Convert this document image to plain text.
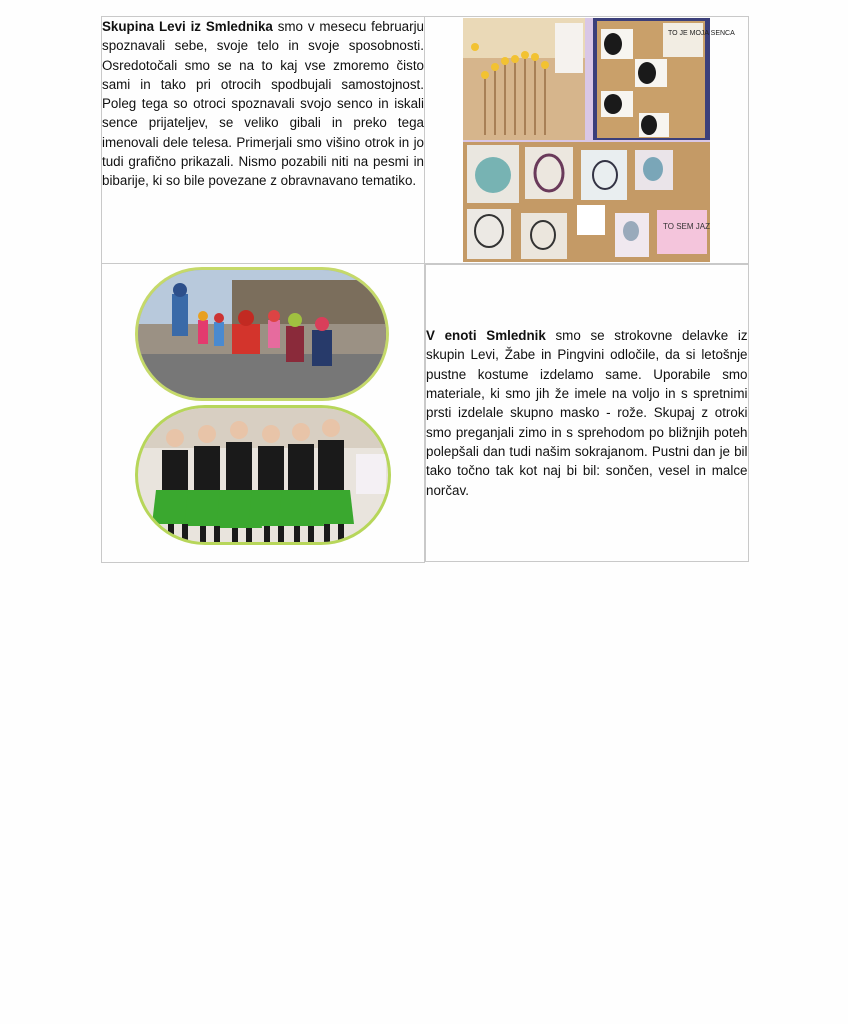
Skupina Levi iz Smlednika smo v mesecu februarju spoznavali sebe, svoje telo in svoje sposobnosti. Osredotočali smo se na to kaj vse zmoremo čisto sami in tako pri otrocih spodbujali samostojnost. Poleg tega so otroci spoznavali svojo senco in iskali sence prijateljev, se veliko gibali in preko tega imenovali dele telesa. Primerjali smo višino otrok in jo tudi grafično prikazali. Nismo pozabili niti na pesmi in bibarije, ki so bile povezane z obravnavano tematiko.	TO JE MOJA SENCA
TO SEM JAZ

V enoti Smlednik smo se strokovne delavke iz skupin Levi, Žabe in Pingvini odločile, da si letošnje pustne kostume izdelamo same. Uporabile smo materiale, ki smo jih že imele na voljo in s spretnimi prsti izdelale skupno masko - rože. Skupaj z otroki smo preganjali zimo in s sprehodom po bližnjih poteh polepšali dan tudi našim sokrajanom. Pustni dan je bil tako točno tak kot naj bi bil: sončen, vesel in malce norčav.
